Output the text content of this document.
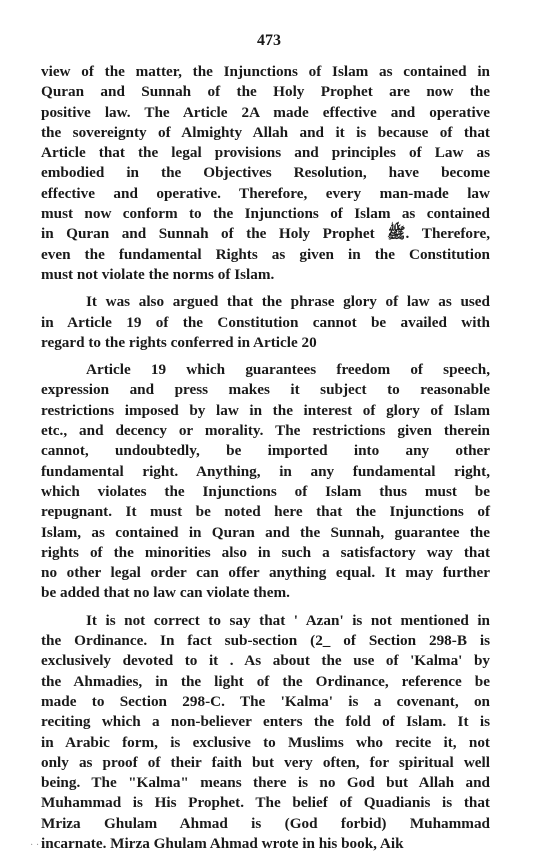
473
view of the matter, the Injunctions of Islam as contained in
Quran and Sunnah of the Holy Prophet are now the
positive law. The Article 2A made effective and operative
the sovereignty of Almighty Allah and it is because of that
Article that the legal provisions and principles of Law as
embodied in the Objectives Resolution, have become
effective and operative. Therefore, every man-made law
must now conform to the Injunctions of Islam as contained
in Quran and Sunnah of the Holy Prophet ﷺ. Therefore,
even the fundamental Rights as given in the Constitution
must not violate the norms of Islam.
It was also argued that the phrase glory of law as used
in Article 19 of the Constitution cannot be availed with
regard to the rights conferred in Article 20
Article 19 which guarantees freedom of speech,
expression and press makes it subject to reasonable
restrictions imposed by law in the interest of glory of Islam
etc., and decency or morality. The restrictions given therein
cannot, undoubtedly, be imported into any other
fundamental right. Anything, in any fundamental right,
which violates the Injunctions of Islam thus must be
repugnant. It must be noted here that the Injunctions of
Islam, as contained in Quran and the Sunnah, guarantee the
rights of the minorities also in such a satisfactory way that
no other legal order can offer anything equal. It may further
be added that no law can violate them.
It is not correct to say that ' Azan' is not mentioned in
the Ordinance. In fact sub-section (2_ of Section 298-B is
exclusively devoted to it . As about the use of 'Kalma' by
the Ahmadies, in the light of the Ordinance, reference be
made to Section 298-C. The 'Kalma' is a covenant, on
reciting which a non-believer enters the fold of Islam. It is
in Arabic form, is exclusive to Muslims who recite it, not
only as proof of their faith but very often, for spiritual well
being. The "Kalma" means there is no God but Allah and
Muhammad is His Prophet. The belief of Quadianis is that
Mriza Ghulam Ahmad is (God forbid) Muhammad
incarnate. Mirza Ghulam Ahmad wrote in his book, Aik
· ·
